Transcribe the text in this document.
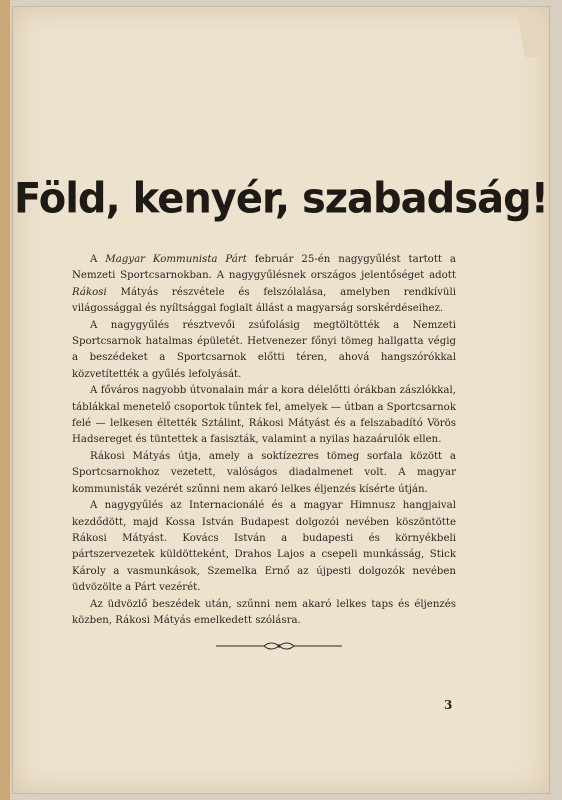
Föld, kenyér, szabadság!

A Magyar Kommunista Párt február 25-én nagygyűlést tartott a Nemzeti Sportcsarnokban. A nagygyűlésnek országos jelentőséget adott Rákosi Mátyás részvétele és felszólalása, amelyben rendkívüli világossággal és nyíltsággal foglalt állást a magyarság sorskérdéseihez.

A nagygyűlés résztvevői zsúfolásig megtöltötték a Nemzeti Sportcsarnok hatalmas épületét. Hetvenezer főnyi tömeg hallgatta végig a beszédeket a Sportcsarnok előtti téren, ahová hangszórókkal közvetítették a gyűlés lefolyását.

A főváros nagyobb útvonalain már a kora délelőtti órákban zászlókkal, táblákkal menetelő csoportok tűntek fel, amelyek — útban a Sportcsarnok felé — lelkesen éltették Sztálint, Rákosi Mátyást és a felszabadító Vörös Hadsereget és tüntettek a fasiszták, valamint a nyilas hazaárulók ellen.

Rákosi Mátyás útja, amely a soktízezres tömeg sorfala között a Sportcsarnokhoz vezetett, valóságos diadalmenet volt. A magyar kommunisták vezérét szűnni nem akaró lelkes éljenzés kísérte útján.

A nagygyűlés az Internacionálé és a magyar Himnusz hangjaival kezdődött, majd Kossa István Budapest dolgozói nevében köszöntötte Rákosi Mátyást. Kovács István a budapesti és környékbeli pártszervezetek küldötteként, Drahos Lajos a csepeli munkásság, Stick Károly a vasmunkások, Szemelka Ernő az újpesti dolgozók nevében üdvözölte a Párt vezérét.

Az üdvözlő beszédek után, szűnni nem akaró lelkes taps és éljenzés közben, Rákosi Mátyás emelkedett szólásra.

3
